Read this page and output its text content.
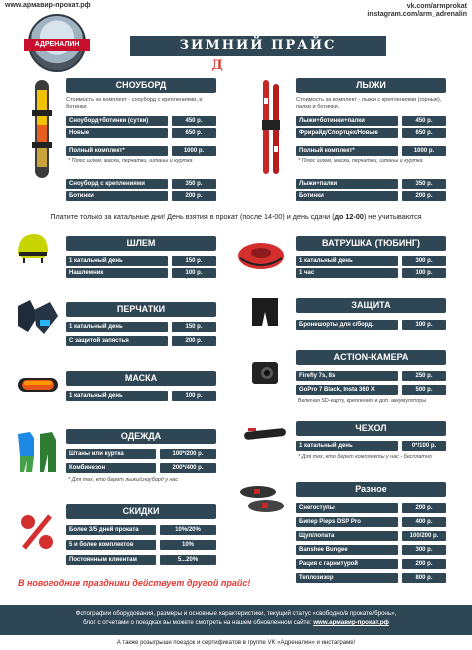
www.армавир-прокат.рф	vk.com/armprokat
instagram.com/arm_adrenalin
АДРЕНАЛИН	ЗИМНИЙ ПРАЙС АДРЕНАЛИН
СНОУБОРД
Стоимость за комплект - сноуборд с креплениями, и ботинки.
Сноуборд+ботинки (сутки)	450 р.
Новые	650 р.
Полный комплект*	1000 р.
* Плюс шлем, маска, перчатки, штаны и куртка
Сноуборд с креплениями	350 р.
Ботинки	200 р.
ЛЫЖИ
Стоимость за комплект - лыжи с креплениями (горные), палки и ботинки.
Лыжи+ботинки+палки	450 р.
Фрирайд/Спортцех/Новые	650 р.
Полный комплект*	1000 р.
* Плюс шлем, маска, перчатки, штаны и куртка
Лыжи+палки	350 р.
Ботинки	200 р.
Платите только за катальные дни! День взятия в прокат (после 14-00) и день сдачи (до 12-00) не учитываются
ШЛЕМ
1 катальный день	150 р.
Нашлемник	100 р.
ВАТРУШКА (ТЮБИНГ)
1 катальный день	300 р.
1 час	100 р.
ПЕРЧАТКИ
1 катальный день	150 р.
С защитой запястья	200 р.
ЗАЩИТА
Бронешорты для с/борд.	100 р.
МАСКА
1 катальный день	100 р.
ACTION-КАМЕРА
Firefly 7s, 8s	250 р.
GoPro 7 Black, Insta 360 X	500 р.
Включая SD-карту, крепления и доп. аккумуляторы
ОДЕЖДА
Штаны или куртка	100*/200 р.
Комбинезон	200*/400 р.
* Для тех, кто берет лыжи/сноуборд у нас
ЧЕХОЛ
1 катальный день	0*/100 р.
* Для тех, кто берет комплекты у нас - бесплатно
СКИДКИ
Более 3/5 дней проката	10%/20%
5 и более комплектов	10%
Постоянным клиентам	5...20%
Разное
Снегоступы	200 р.
Бипер Pieps DSP Pro	400 р.
Щуп/лопата	100/200 р.
Banshee Bungee	300 р.
Рация с гарнитурой	200 р.
Теплозизор	800 р.
В новогодние праздники действует другой прайс!
Фотографии оборудования, размеры и основные характеристики, текущий статус «свободно/в прокате/бронь»,
блог с отчетами о поездках вы можете смотреть на нашем обновленном сайте: www.армавир-прокат.рф
А также розыгрыши поездок и сертификатов в группе VK «Адреналин» и инстаграме!
